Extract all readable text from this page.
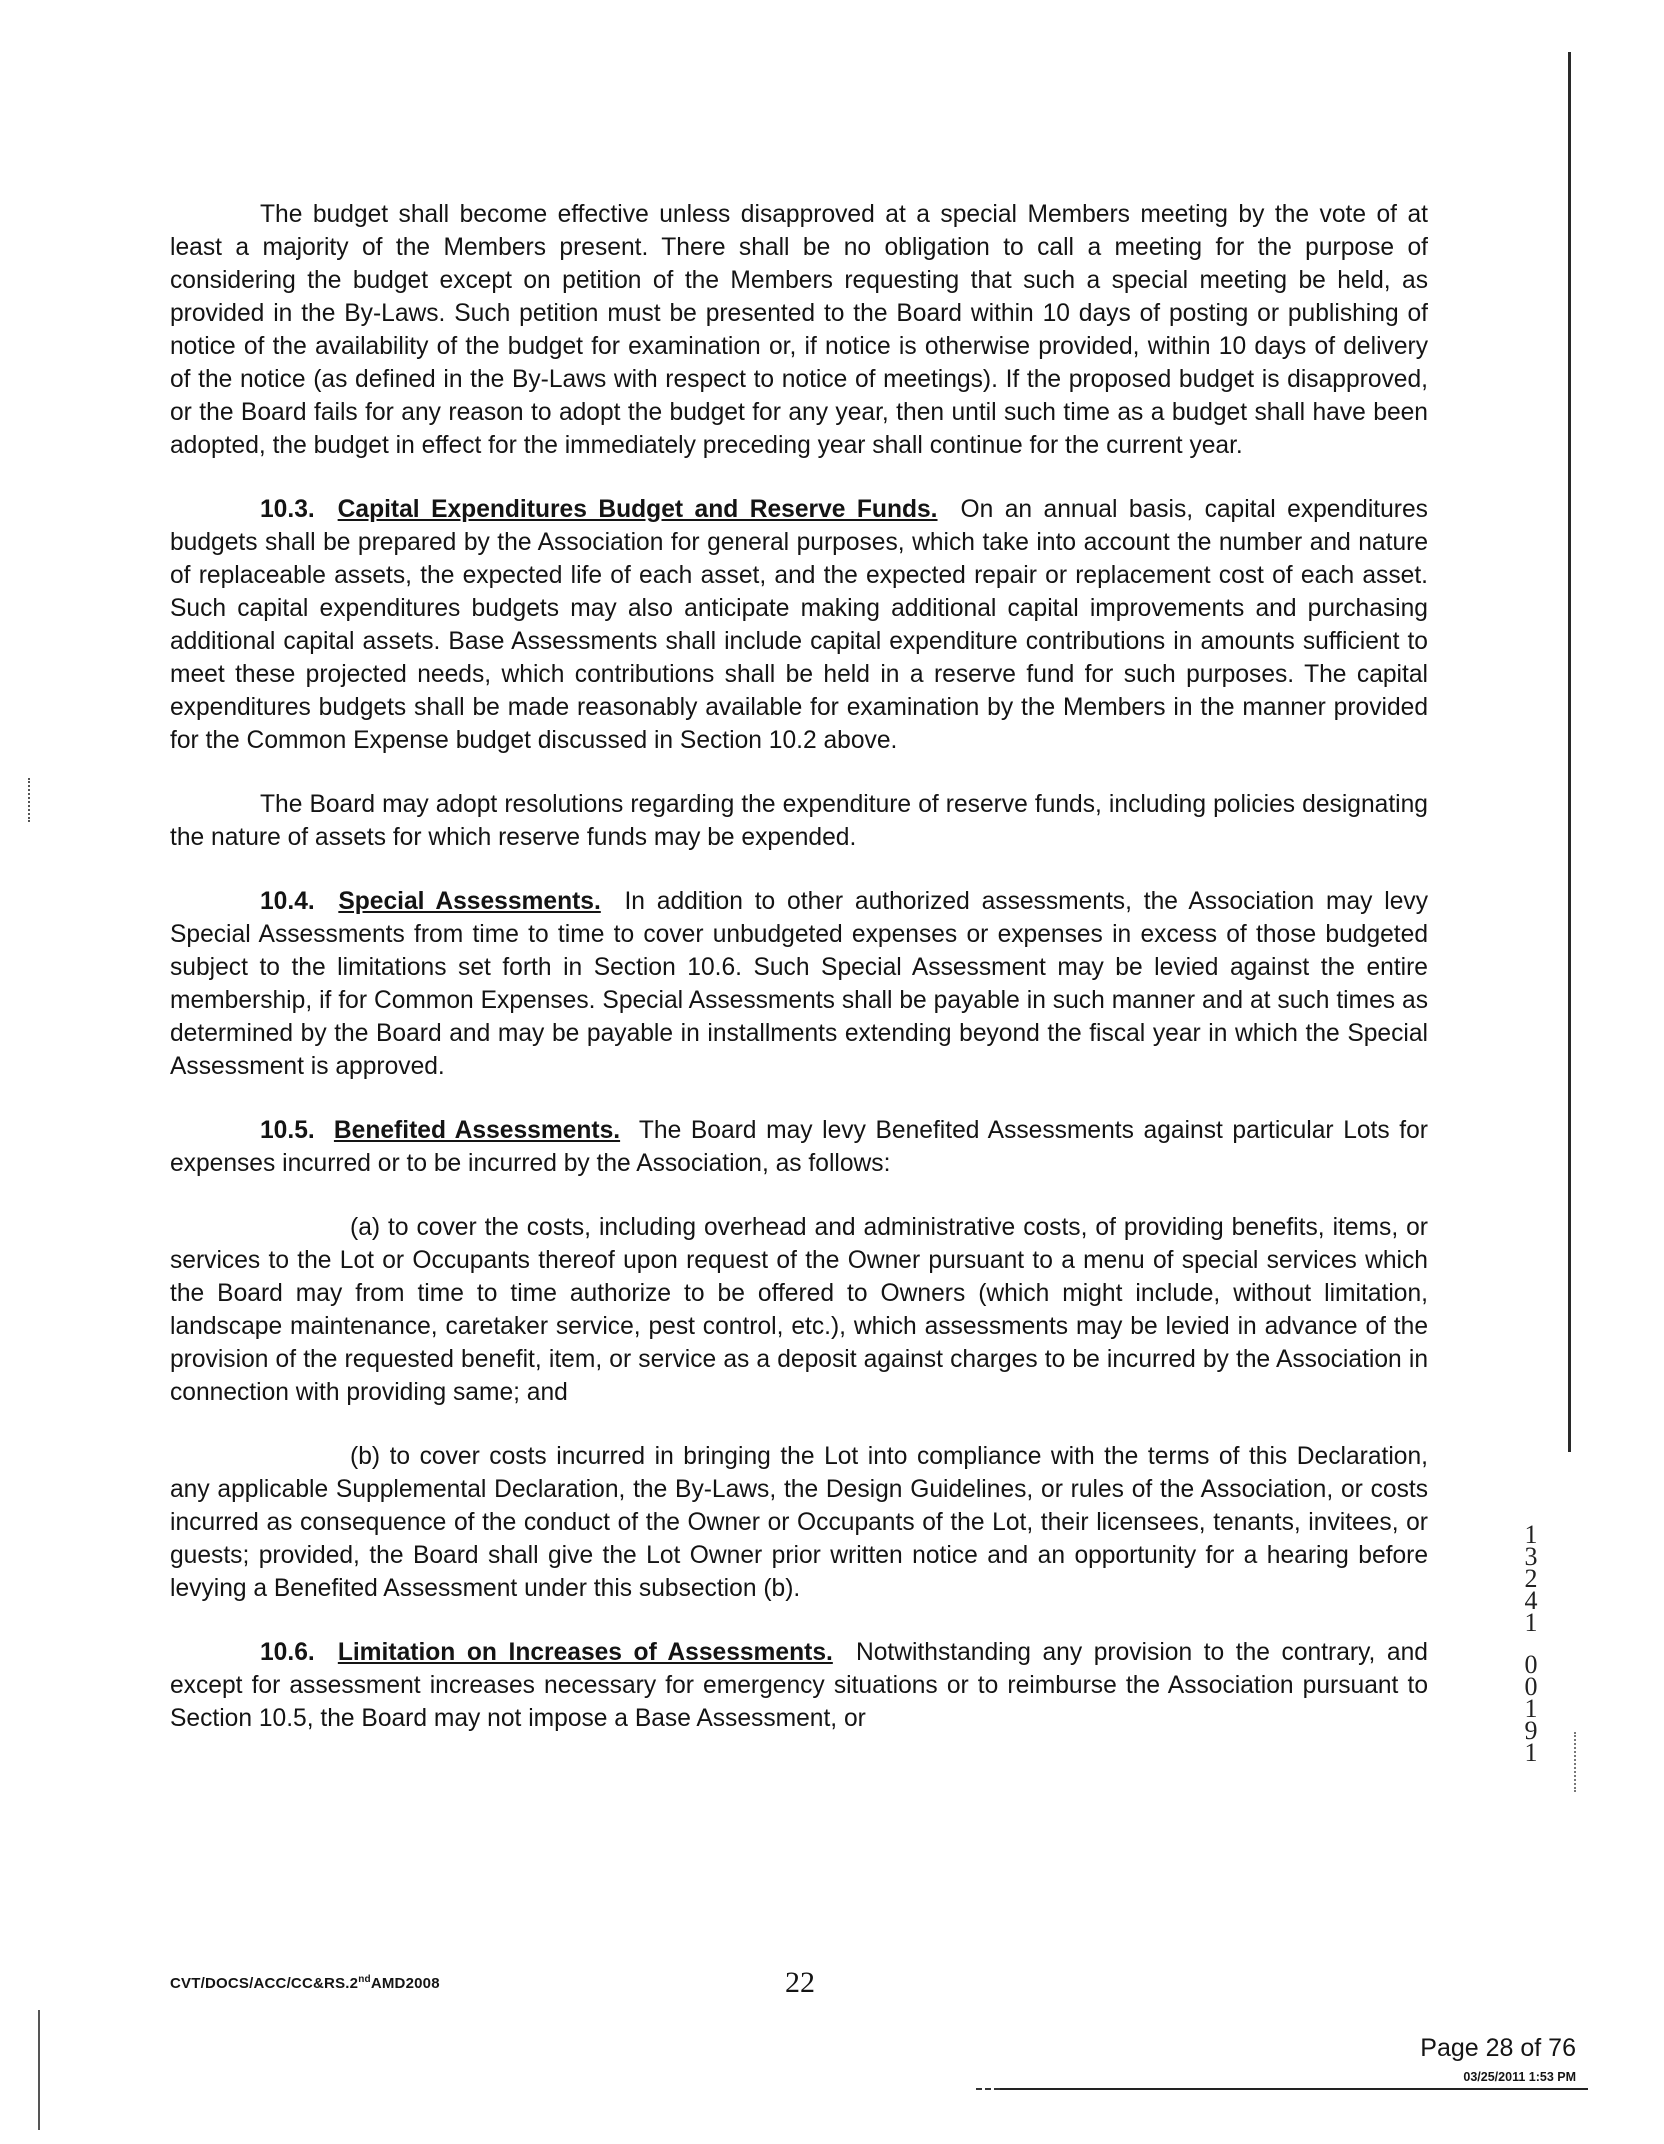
The budget shall become effective unless disapproved at a special Members meeting by the vote of at least a majority of the Members present. There shall be no obligation to call a meeting for the purpose of considering the budget except on petition of the Members requesting that such a special meeting be held, as provided in the By-Laws. Such petition must be presented to the Board within 10 days of posting or publishing of notice of the availability of the budget for examination or, if notice is otherwise provided, within 10 days of delivery of the notice (as defined in the By-Laws with respect to notice of meetings). If the proposed budget is disapproved, or the Board fails for any reason to adopt the budget for any year, then until such time as a budget shall have been adopted, the budget in effect for the immediately preceding year shall continue for the current year.

10.3. Capital Expenditures Budget and Reserve Funds. On an annual basis, capital expenditures budgets shall be prepared by the Association for general purposes, which take into account the number and nature of replaceable assets, the expected life of each asset, and the expected repair or replacement cost of each asset. Such capital expenditures budgets may also anticipate making additional capital improvements and purchasing additional capital assets. Base Assessments shall include capital expenditure contributions in amounts sufficient to meet these projected needs, which contributions shall be held in a reserve fund for such purposes. The capital expenditures budgets shall be made reasonably available for examination by the Members in the manner provided for the Common Expense budget discussed in Section 10.2 above.

The Board may adopt resolutions regarding the expenditure of reserve funds, including policies designating the nature of assets for which reserve funds may be expended.

10.4. Special Assessments. In addition to other authorized assessments, the Association may levy Special Assessments from time to time to cover unbudgeted expenses or expenses in excess of those budgeted subject to the limitations set forth in Section 10.6. Such Special Assessment may be levied against the entire membership, if for Common Expenses. Special Assessments shall be payable in such manner and at such times as determined by the Board and may be payable in installments extending beyond the fiscal year in which the Special Assessment is approved.

10.5. Benefited Assessments. The Board may levy Benefited Assessments against particular Lots for expenses incurred or to be incurred by the Association, as follows:

(a) to cover the costs, including overhead and administrative costs, of providing benefits, items, or services to the Lot or Occupants thereof upon request of the Owner pursuant to a menu of special services which the Board may from time to time authorize to be offered to Owners (which might include, without limitation, landscape maintenance, caretaker service, pest control, etc.), which assessments may be levied in advance of the provision of the requested benefit, item, or service as a deposit against charges to be incurred by the Association in connection with providing same; and

(b) to cover costs incurred in bringing the Lot into compliance with the terms of this Declaration, any applicable Supplemental Declaration, the By-Laws, the Design Guidelines, or rules of the Association, or costs incurred as consequence of the conduct of the Owner or Occupants of the Lot, their licensees, tenants, invitees, or guests; provided, the Board shall give the Lot Owner prior written notice and an opportunity for a hearing before levying a Benefited Assessment under this subsection (b).

10.6. Limitation on Increases of Assessments. Notwithstanding any provision to the contrary, and except for assessment increases necessary for emergency situations or to reimburse the Association pursuant to Section 10.5, the Board may not impose a Base Assessment, or

CVT/DOCS/ACC/CC&RS.2ndAMD2008	22
1
3
2
4
1
0
0
1
9
1
Page 28 of 76
03/25/2011 1:53 PM
